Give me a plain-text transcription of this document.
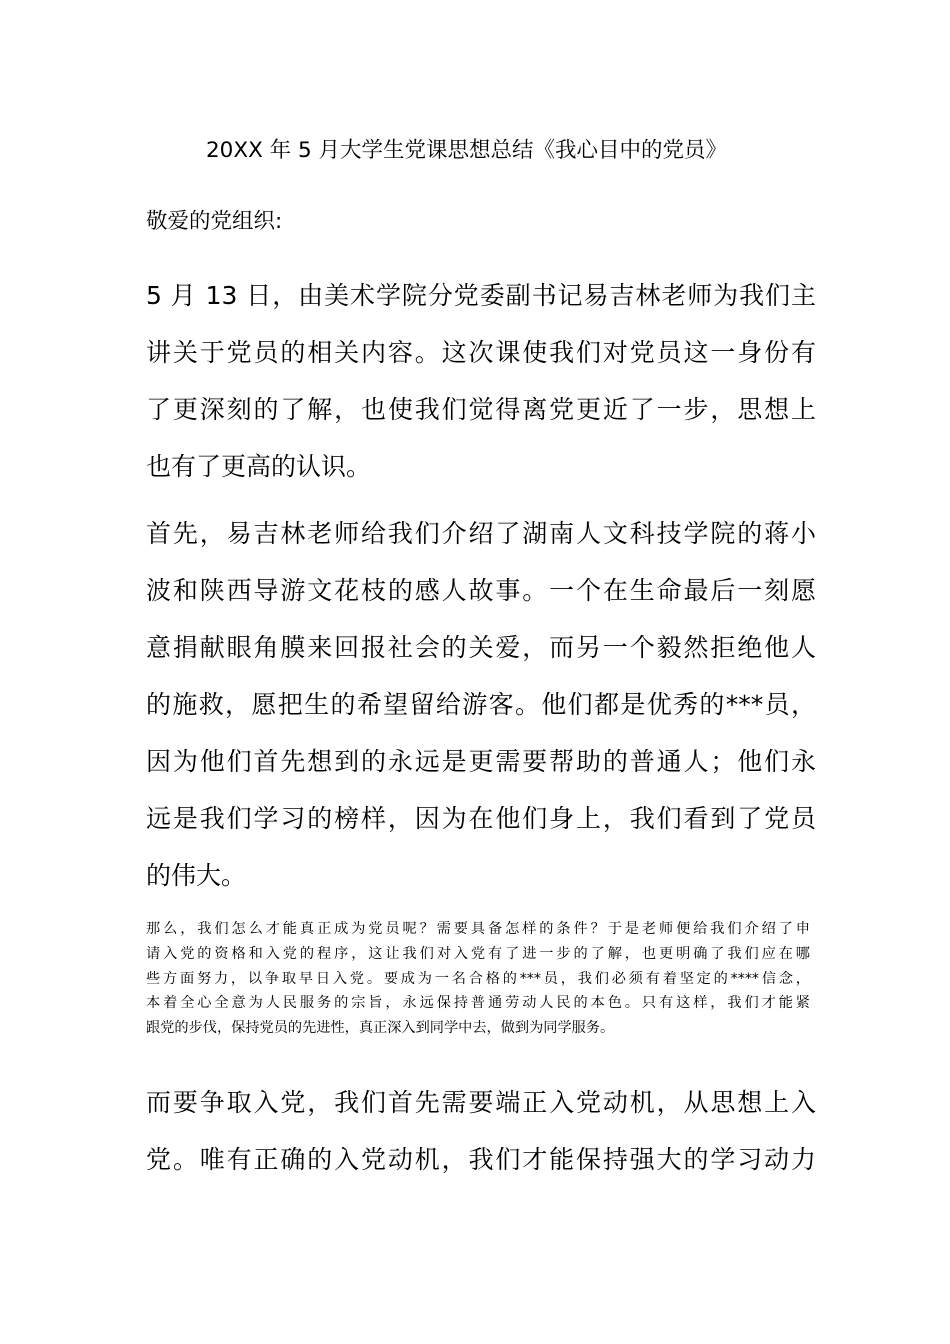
20XX 年 5 月大学生党课思想总结《我心目中的党员》
敬爱的党组织:
5 月 13 日，由美术学院分党委副书记易吉林老师为我们主
讲关于党员的相关内容。这次课使我们对党员这一身份有
了更深刻的了解，也使我们觉得离党更近了一步，思想上
也有了更高的认识。
首先，易吉林老师给我们介绍了湖南人文科技学院的蒋小
波和陕西导游文花枝的感人故事。一个在生命最后一刻愿
意捐献眼角膜来回报社会的关爱，而另一个毅然拒绝他人
的施救，愿把生的希望留给游客。他们都是优秀的***员，
因为他们首先想到的永远是更需要帮助的普通人；他们永
远是我们学习的榜样，因为在他们身上，我们看到了党员
的伟大。
那么，我们怎么才能真正成为党员呢？需要具备怎样的条件？于是老师便给我们介绍了申
请入党的资格和入党的程序，这让我们对入党有了进一步的了解，也更明确了我们应在哪
些方面努力，以争取早日入党。要成为一名合格的***员，我们必须有着坚定的****信念，
本着全心全意为人民服务的宗旨，永远保持普通劳动人民的本色。只有这样，我们才能紧
跟党的步伐，保持党员的先进性，真正深入到同学中去，做到为同学服务。
而要争取入党，我们首先需要端正入党动机，从思想上入
党。唯有正确的入党动机，我们才能保持强大的学习动力
